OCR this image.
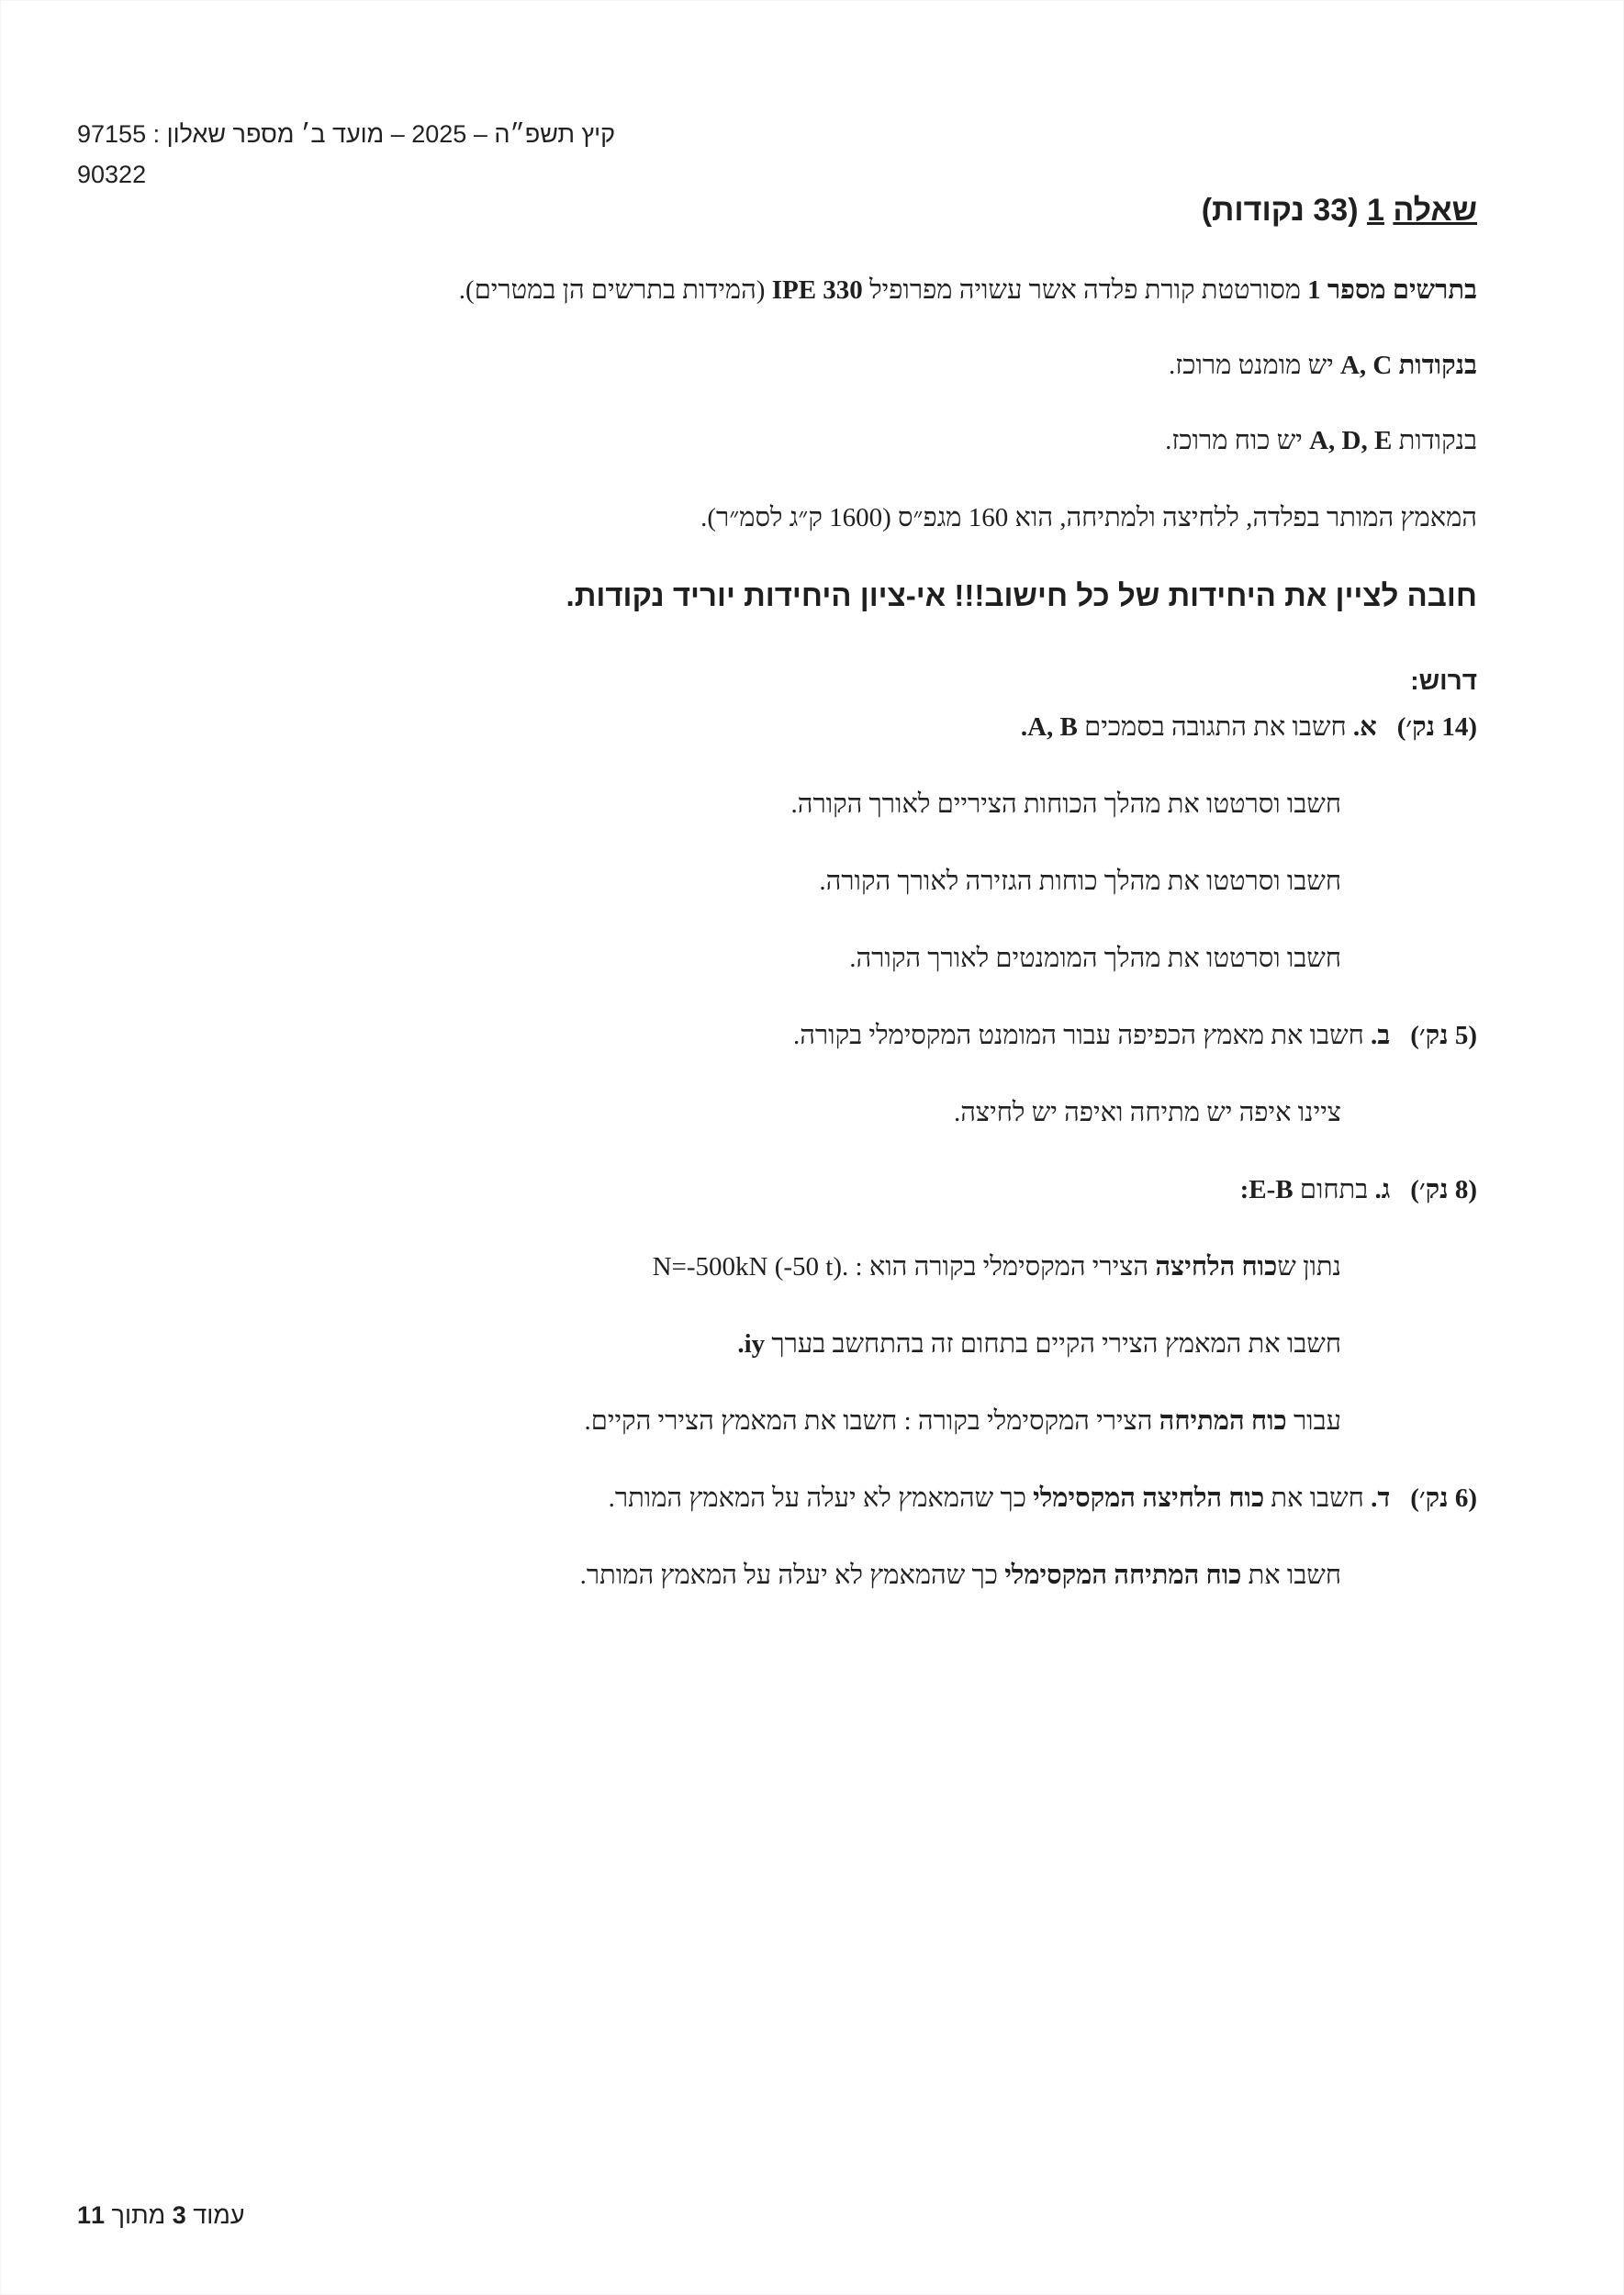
קיץ תשפ״ה – 2025 – מועד ב׳ מספר שאלון : 97155
90322
שאלה 1 (33 נקודות)
בתרשים מספר 1 מסורטטת קורת פלדה אשר עשויה מפרופיל IPE 330 (המידות בתרשים הן במטרים).
בנקודות A, C יש מומנט מרוכז.
בנקודות A, D, E יש כוח מרוכז.
המאמץ המותר בפלדה, ללחיצה ולמתיחה, הוא 160 מגפ״ס (1600 ק״ג לסמ״ר).
חובה לציין את היחידות של כל חישוב!!! אי-ציון היחידות יוריד נקודות.
דרוש:
(14 נק׳)א. חשבו את התגובה בסמכים A, B.
חשבו וסרטטו את מהלך הכוחות הציריים לאורך הקורה.
חשבו וסרטטו את מהלך כוחות הגזירה לאורך הקורה.
חשבו וסרטטו את מהלך המומנטים לאורך הקורה.
(5 נק׳)ב. חשבו את מאמץ הכפיפה עבור המומנט המקסימלי בקורה.
ציינו איפה יש מתיחה ואיפה יש לחיצה.
(8 נק׳)ג. בתחום E-B:
נתון שכוח הלחיצה הצירי המקסימלי בקורה הוא : N=-500kN (-50 t).
חשבו את המאמץ הצירי הקיים בתחום זה בהתחשב בערך iy.
עבור כוח המתיחה הצירי המקסימלי בקורה : חשבו את המאמץ הצירי הקיים.
(6 נק׳)ד. חשבו את כוח הלחיצה המקסימלי כך שהמאמץ לא יעלה על המאמץ המותר.
חשבו את כוח המתיחה המקסימלי כך שהמאמץ לא יעלה על המאמץ המותר.
עמוד 3 מתוך 11
